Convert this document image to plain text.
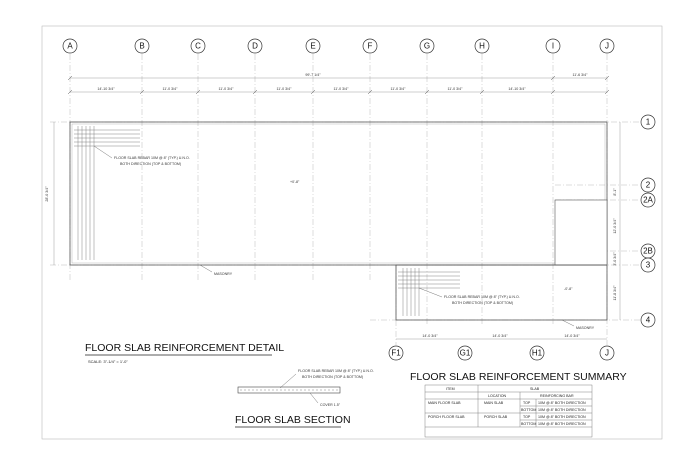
FLOOR SLAB REBAR 10M @ 8" (TYP.) U.N.O.
BOTH DIRECTION (TOP & BOTTOM)
+0'-8"
MASONRY
FLOOR SLAB REBAR 10M @ 8" (TYP.) U.N.O.
BOTH DIRECTION (TOP & BOTTOM)
-0'-8"
MASONRY
99'-7 1/4"	11'-6 3/4"
14'-10 3/4"	11'-0 3/4"	11'-0 3/4"	11'-0 3/4"	11'-0 3/4"	11'-0 3/4"	11'-0 3/4"	14'-10 3/4"
28'-0 3/4"	8'-1"
12'-0 3/4"
3'-0 3/4"
11'-8 3/4"
14'-0 3/4"	14'-0 3/4"	14'-0 3/4"
A	B	C	D	E	F	G	H	I	J
1
2
2A
2B
3
4
F1	G1	H1	J
FLOOR SLAB REINFORCEMENT DETAIL
SCALE: 3"-1/4" = 1'-0"
FLOOR SLAB REBAR 10M @ 8" (TYP.) U.N.O.
BOTH DIRECTION (TOP & BOTTOM)
COVER 1.5"
FLOOR SLAB SECTION
FLOOR SLAB REINFORCEMENT SUMMARY
ITEM	SLAB
LOCATION	REINFORCING BAR
MAIN FLOOR SLAB	MAIN SLAB	TOP 10M @ 8" BOTH DIRECTION
BOTTOM 10M @ 8" BOTH DIRECTION
PORCH FLOOR SLAB	PORCH SLAB	TOP 10M @ 8" BOTH DIRECTION
BOTTOM 10M @ 8" BOTH DIRECTION
